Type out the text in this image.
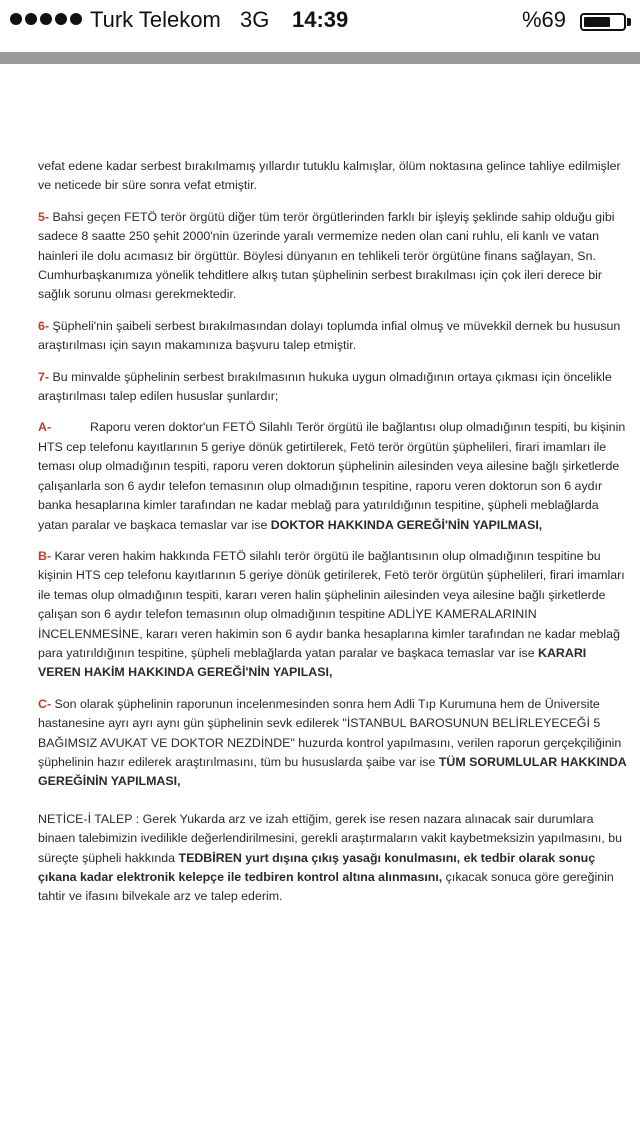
Turk Telekom 3G 14:39	%69

vefat edene kadar serbest bırakılmamış yıllardır tutuklu kalmışlar, ölüm noktasına gelince tahliye edilmişler ve neticede bir süre sonra vefat etmiştir.

5- Bahsi geçen FETÖ terör örgütü diğer tüm terör örgütlerinden farklı bir işleyiş şeklinde sahip olduğu gibi sadece 8 saatte 250 şehit 2000'nin üzerinde yaralı vermemize neden olan cani ruhlu, eli kanlı ve vatan hainleri ile dolu acımasız bir örgüttür. Böylesi dünyanın en tehlikeli terör örgütüne finans sağlayan, Sn. Cumhurbaşkanımıza yönelik tehditlere alkış tutan şüphelinin serbest bırakılması için çok ileri derece bir sağlık sorunu olması gerekmektedir.

6- Şüpheli'nin şaibeli serbest bırakılmasından dolayı toplumda infial olmuş ve müvekkil dernek bu hususun araştırılması için sayın makamınıza başvuru talep etmiştir.

7- Bu minvalde şüphelinin serbest bırakılmasının hukuka uygun olmadığının ortaya çıkması için öncelikle araştırılması talep edilen hususlar şunlardır;

A-	Raporu veren doktor'un FETÖ Silahlı Terör örgütü ile bağlantısı olup olmadığının tespiti, bu kişinin HTS cep telefonu kayıtlarının 5 geriye dönük getirtilerek, Fetö terör örgütün şüphelileri, firari imamları ile teması olup olmadığının tespiti, raporu veren doktorun şüphelinin ailesinden veya ailesine bağlı şirketlerde çalışanlarla son 6 aydır telefon temasının olup olmadığının tespitine, raporu veren doktorun son 6 aydır banka hesaplarına kimler tarafından ne kadar meblağ para yatırıldığının tespitine, şüpheli meblağlarda yatan paralar ve başkaca temaslar var ise DOKTOR HAKKINDA GEREĞİ'NİN YAPILMASI,

B- Karar veren hakim hakkında FETÖ silahlı terör örgütü ile bağlantısının olup olmadığının tespitine bu kişinin HTS cep telefonu kayıtlarının 5 geriye dönük getirilerek, Fetö terör örgütün şüphelileri, firari imamları ile temas olup olmadığının tespiti, kararı veren halin şüphelinin ailesinden veya ailesine bağlı şirketlerde çalışan son 6 aydır telefon temasının olup olmadığının tespitine ADLİYE KAMERALARININ İNCELENMESİNE, kararı veren hakimin son 6 aydır banka hesaplarına kimler tarafından ne kadar meblağ para yatırıldığının tespitine, şüpheli meblağlarda yatan paralar ve başkaca temaslar var ise KARARI VEREN HAKİM HAKKINDA GEREĞİ'NİN YAPILASI,

C- Son olarak şüphelinin raporunun incelenmesinden sonra hem Adli Tıp Kurumuna hem de Üniversite hastanesine ayrı ayrı aynı gün şüphelinin sevk edilerek "İSTANBUL BAROSUNUN BELİRLEYECEĞİ 5 BAĞIMSIZ AVUKAT VE DOKTOR NEZDİNDE" huzurda kontrol yapılmasını, verilen raporun gerçekçiliğinin şüphelinin hazır edilerek araştırılmasını, tüm bu hususlarda şaibe var ise TÜM SORUMLULAR HAKKINDA GEREĞİNİN YAPILMASI,

NETİCE-İ TALEP : Gerek Yukarda arz ve izah ettiğim, gerek ise resen nazara alınacak sair durumlara binaen talebimizin ivedilikle değerlendirilmesini, gerekli araştırmaların vakit kaybetmeksizin yapılmasını, bu süreçte şüpheli hakkında TEDBİREN yurt dışına çıkış yasağı konulmasını, ek tedbir olarak sonuç çıkana kadar elektronik kelepçe ile tedbiren kontrol altına alınmasını, çıkacak sonuca göre gereğinin tahtir ve ifasını bilvekale arz ve talep ederim.
